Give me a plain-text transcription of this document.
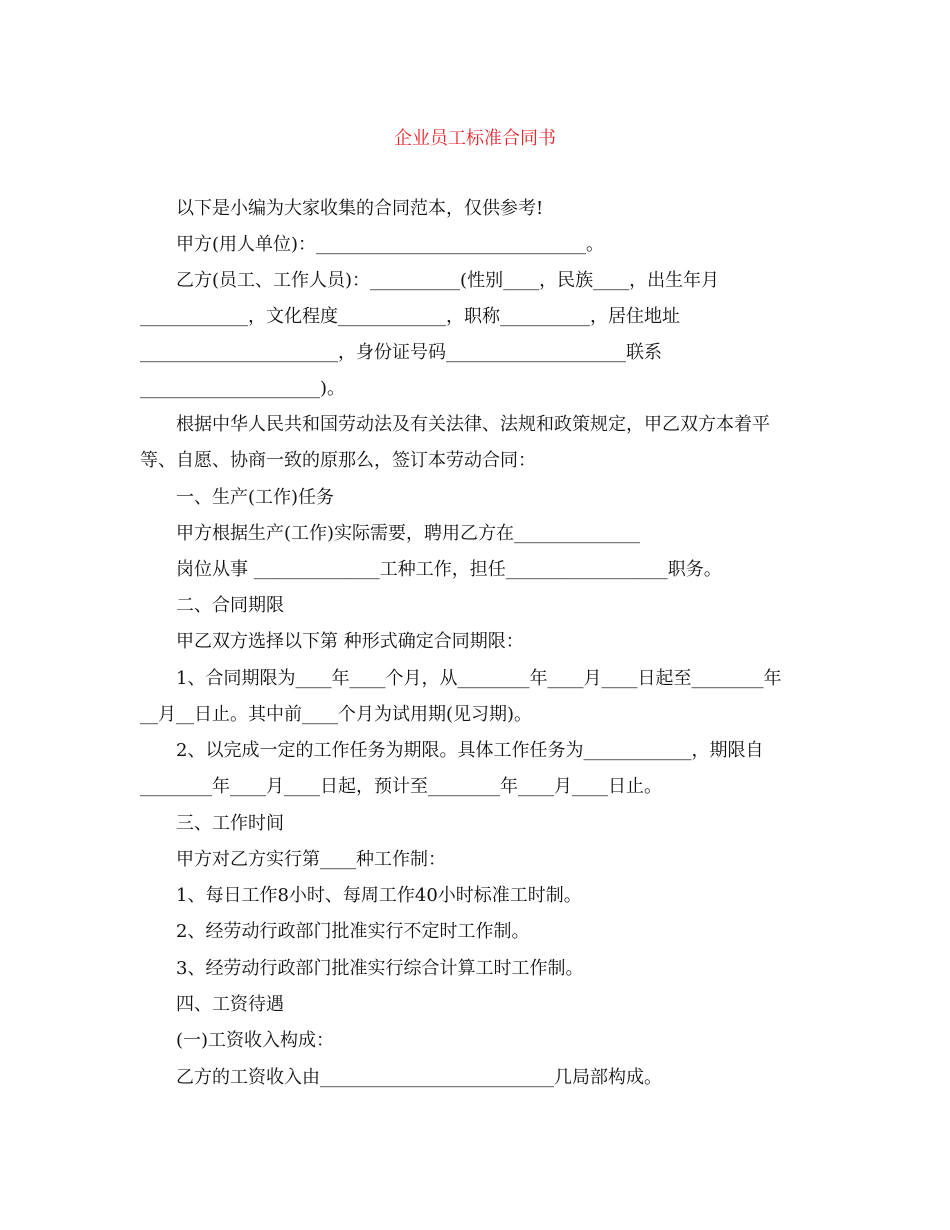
企业员工标准合同书
以下是小编为大家收集的合同范本，仅供参考!
甲方(用人单位)：______________________________。
乙方(员工、工作人员)：__________(性别____，民族____，出生年月
____________，文化程度____________，职称__________，居住地址
______________________，身份证号码____________________联系
____________________)。
根据中华人民共和国劳动法及有关法律、法规和政策规定，甲乙双方本着平
等、自愿、协商一致的原那么，签订本劳动合同：
一、生产(工作)任务
甲方根据生产(工作)实际需要，聘用乙方在______________
岗位从事 ______________工种工作，担任__________________职务。
二、合同期限
甲乙双方选择以下第 种形式确定合同期限：
1、合同期限为____年____个月，从________年____月____日起至________年
__月__日止。其中前____个月为试用期(见习期)。
2、以完成一定的工作任务为期限。具体工作任务为____________，期限自
________年____月____日起，预计至________年____月____日止。
三、工作时间
甲方对乙方实行第____种工作制：
1、每日工作8小时、每周工作40小时标准工时制。
2、经劳动行政部门批准实行不定时工作制。
3、经劳动行政部门批准实行综合计算工时工作制。
四、工资待遇
(一)工资收入构成：
乙方的工资收入由__________________________几局部构成。
